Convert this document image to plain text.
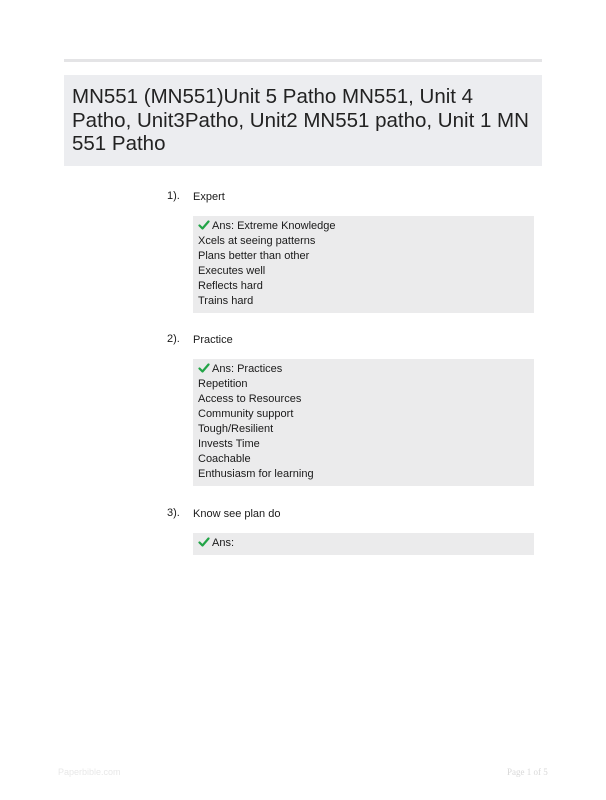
MN551 (MN551)Unit 5 Patho MN551, Unit 4 Patho, Unit3Patho, Unit2 MN551 patho, Unit 1 MN 551 Patho
1). Expert
Ans: Extreme Knowledge
Xcels at seeing patterns
Plans better than other
Executes well
Reflects hard
Trains hard
2). Practice
Ans: Practices
Repetition
Access to Resources
Community support
Tough/Resilient
Invests Time
Coachable
Enthusiasm for learning
3). Know see plan do
Ans:
Paperbible.com	Page 1 of 5
